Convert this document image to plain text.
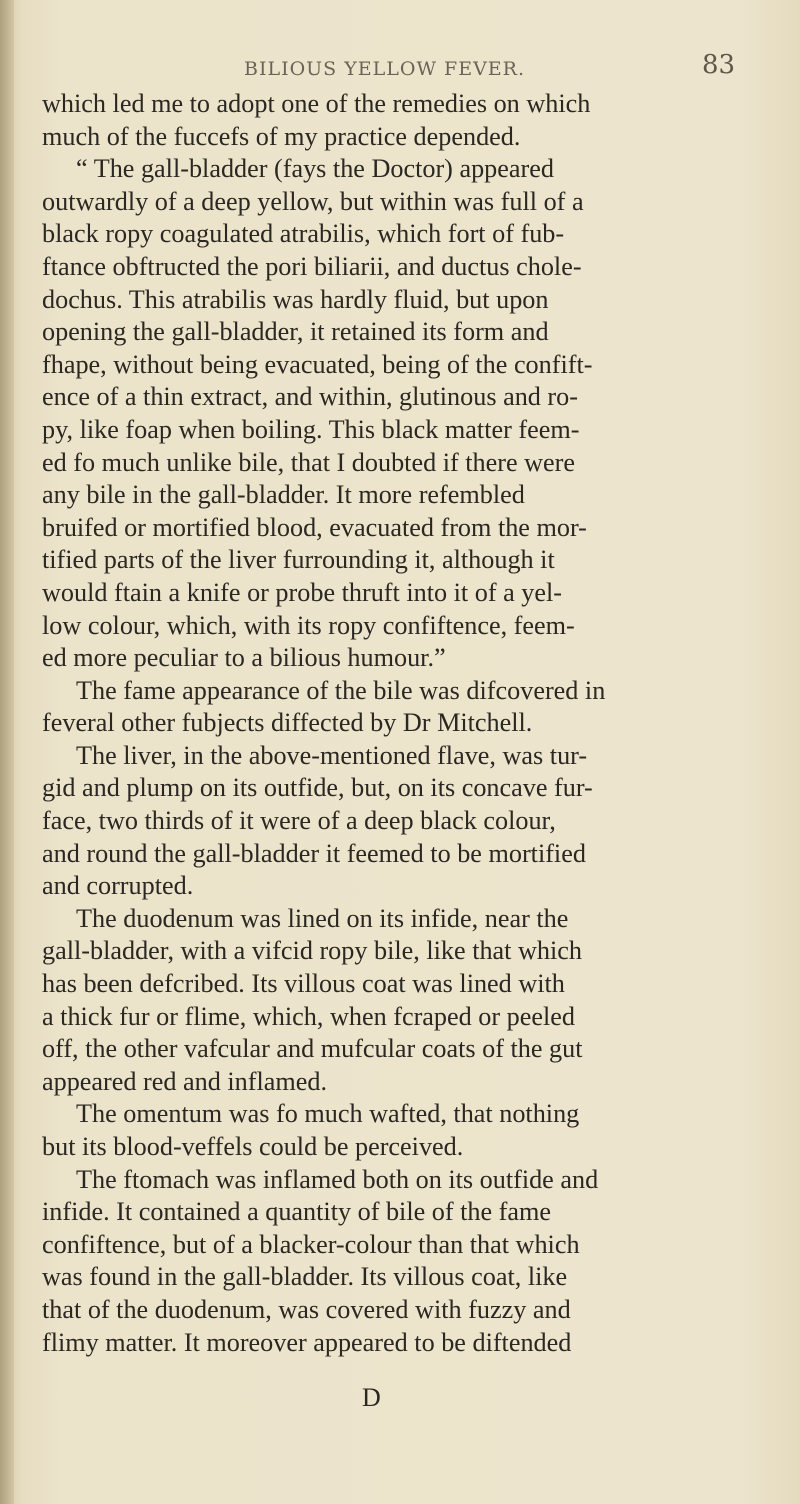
BILIOUS YELLOW FEVER.	83
which led me to adopt one of the remedies on which
much of the fuccefs of my practice depended.
“ The gall-bladder (fays the Doctor) appeared
outwardly of a deep yellow, but within was full of a
black ropy coagulated atrabilis, which fort of fub-
ftance obftructed the pori biliarii, and ductus chole-
dochus. This atrabilis was hardly fluid, but upon
opening the gall-bladder, it retained its form and
fhape, without being evacuated, being of the confift-
ence of a thin extract, and within, glutinous and ro-
py, like foap when boiling. This black matter feem-
ed fo much unlike bile, that I doubted if there were
any bile in the gall-bladder. It more refembled
bruifed or mortified blood, evacuated from the mor-
tified parts of the liver furrounding it, although it
would ftain a knife or probe thruft into it of a yel-
low colour, which, with its ropy confiftence, feem-
ed more peculiar to a bilious humour.”
The fame appearance of the bile was difcovered in
feveral other fubjects diffected by Dr Mitchell.
The liver, in the above-mentioned flave, was tur-
gid and plump on its outfide, but, on its concave fur-
face, two thirds of it were of a deep black colour,
and round the gall-bladder it feemed to be mortified
and corrupted.
The duodenum was lined on its infide, near the
gall-bladder, with a vifcid ropy bile, like that which
has been defcribed. Its villous coat was lined with
a thick fur or flime, which, when fcraped or peeled
off, the other vafcular and mufcular coats of the gut
appeared red and inflamed.
The omentum was fo much wafted, that nothing
but its blood-veffels could be perceived.
The ftomach was inflamed both on its outfide and
infide. It contained a quantity of bile of the fame
confiftence, but of a blacker-colour than that which
was found in the gall-bladder. Its villous coat, like
that of the duodenum, was covered with fuzzy and
flimy matter. It moreover appeared to be diftended
D
